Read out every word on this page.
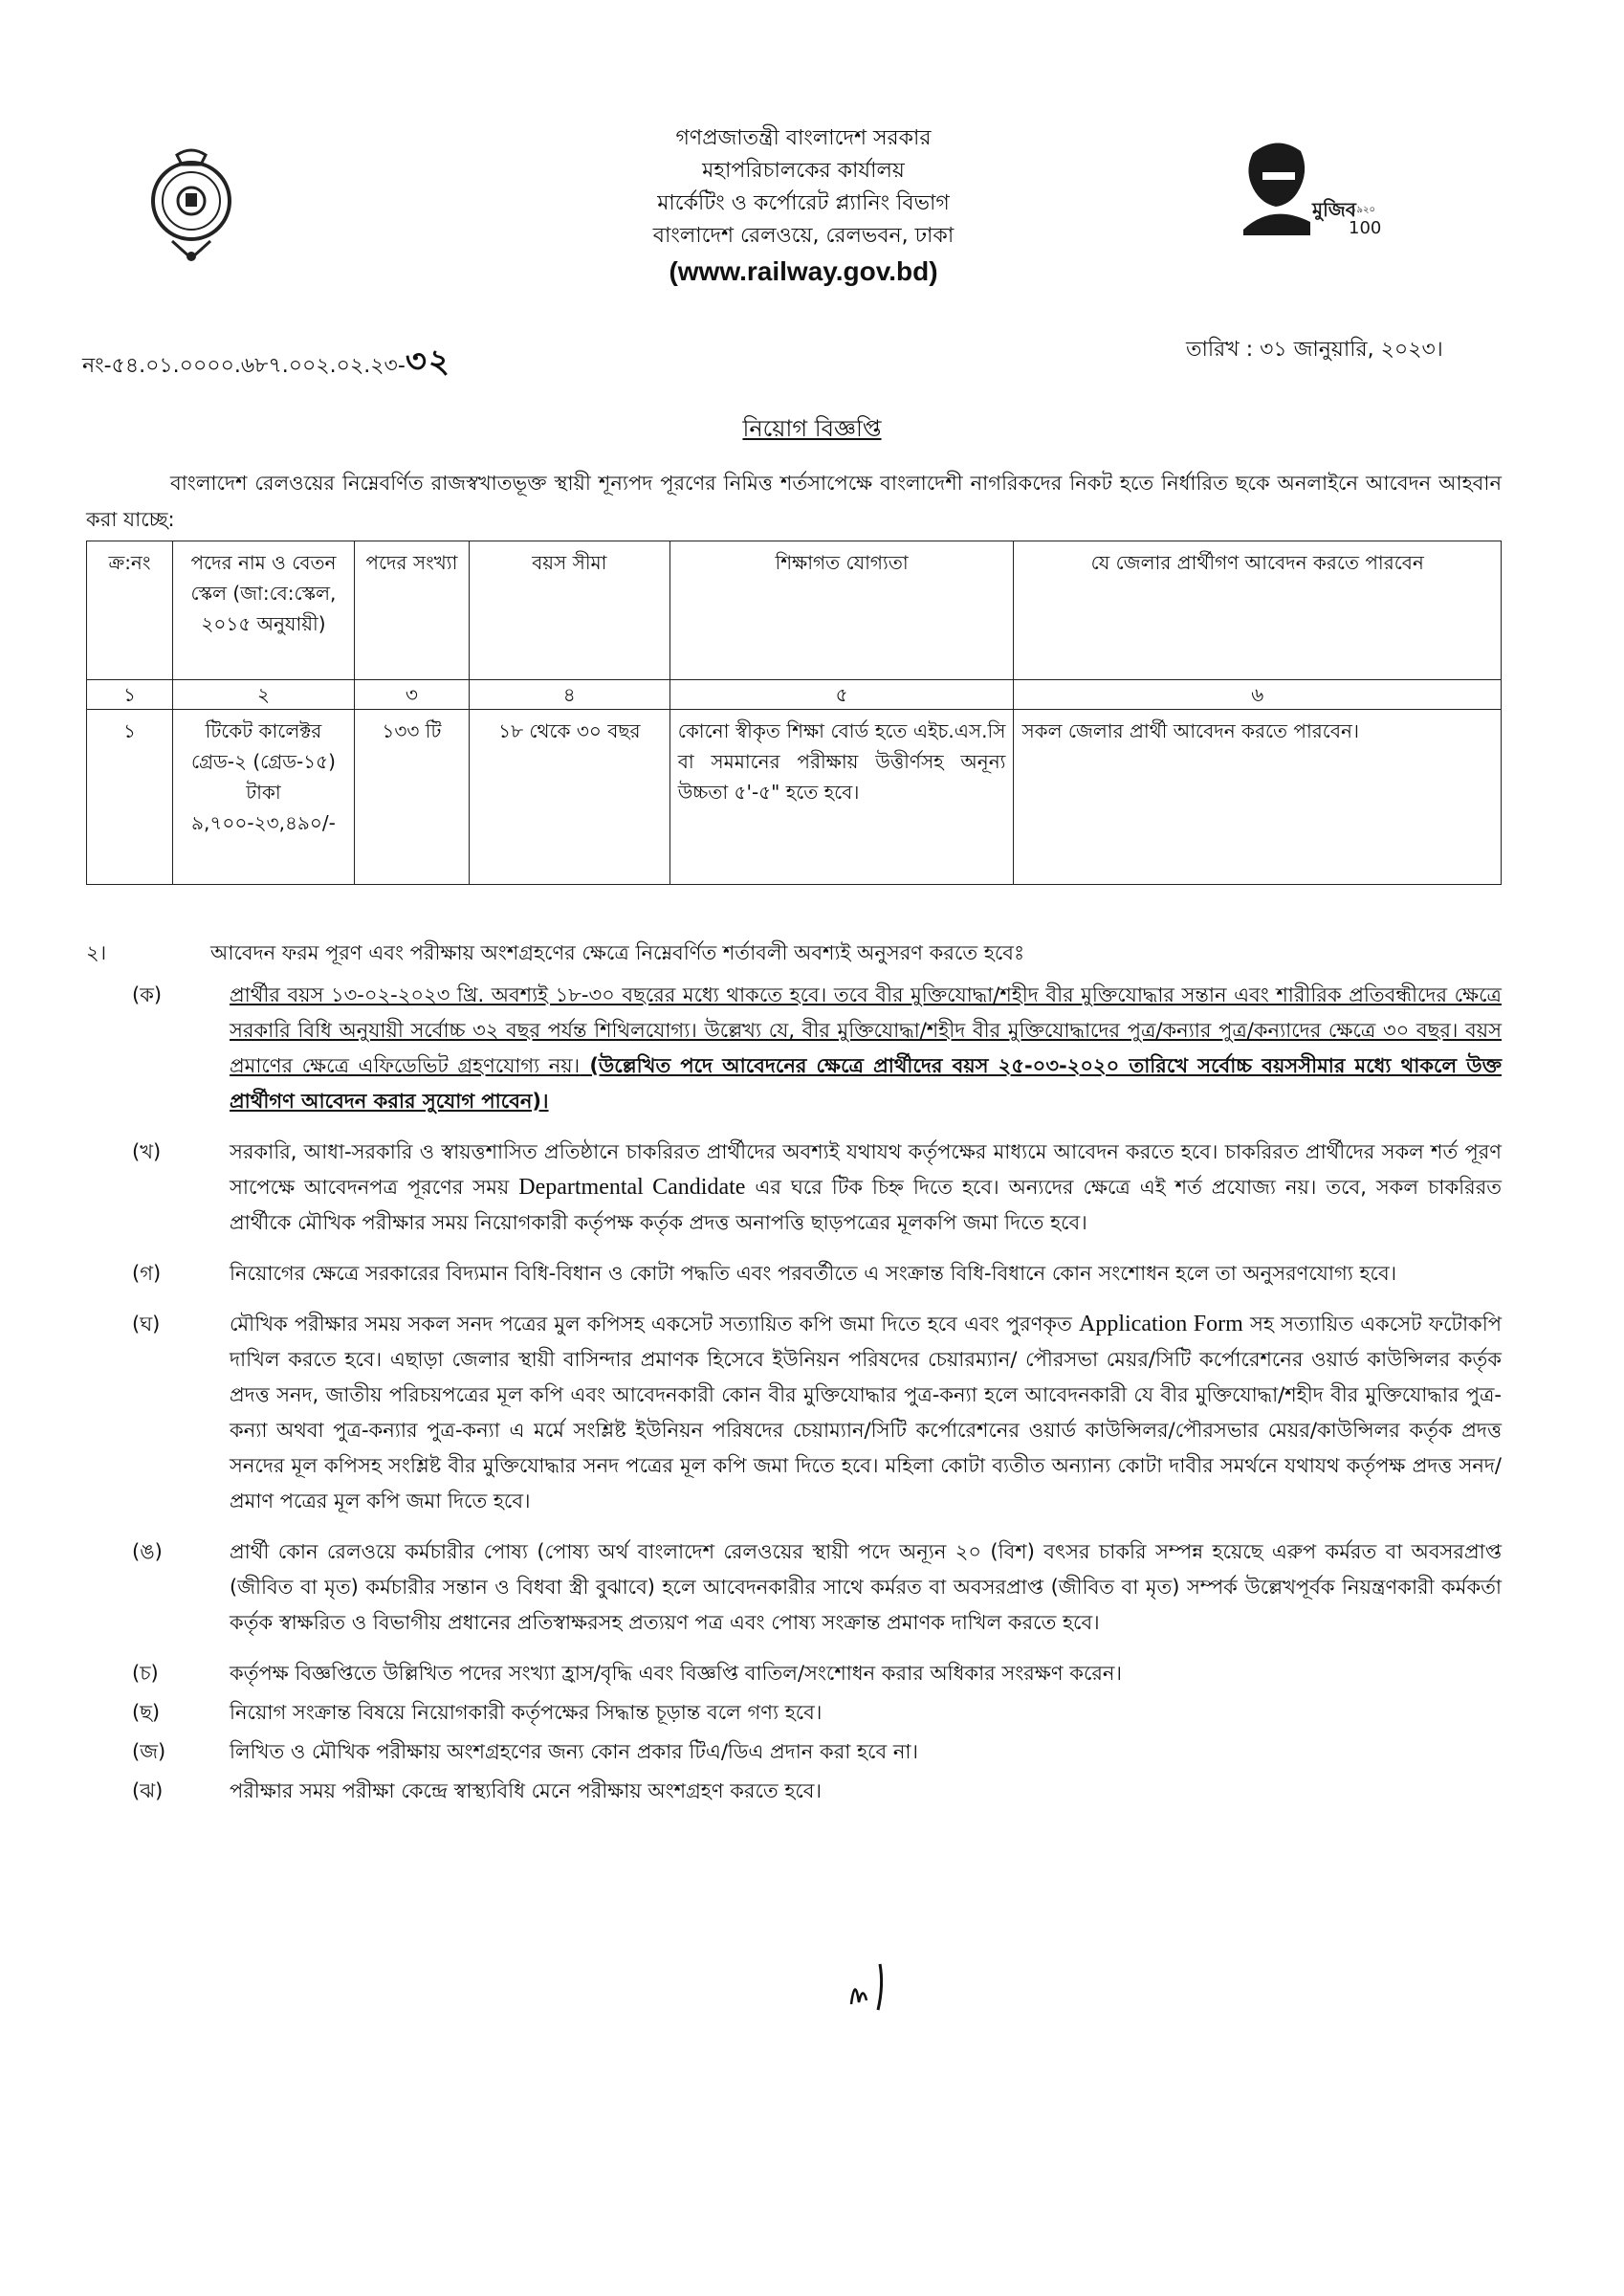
গণপ্রজাতন্ত্রী বাংলাদেশ সরকার
মহাপরিচালকের কার্যালয়
মার্কেটিং ও কর্পোরেট প্ল্যানিং বিভাগ
বাংলাদেশ রেলওয়ে, রেলভবন, ঢাকা
(www.railway.gov.bd)
মুজিব
100
১৯২০
নং-৫৪.০১.০০০০.৬৮৭.০০২.০২.২৩-৩২	তারিখ : ৩১ জানুয়ারি, ২০২৩।
নিয়োগ বিজ্ঞপ্তি
বাংলাদেশ রেলওয়ের নিম্নেবর্ণিত রাজস্বখাতভূক্ত স্থায়ী শূন্যপদ পূরণের নিমিত্ত শর্তসাপেক্ষে বাংলাদেশী নাগরিকদের নিকট হতে নির্ধারিত ছকে অনলাইনে আবেদন আহবান করা যাচ্ছে:
ক্র:নং	পদের নাম ও বেতন স্কেল (জা:বে:স্কেল, ২০১৫ অনুযায়ী)	পদের সংখ্যা	বয়স সীমা	শিক্ষাগত যোগ্যতা	যে জেলার প্রার্থীগণ আবেদন করতে পারবেন
১	২	৩	৪	৫	৬
১	টিকেট কালেক্টর গ্রেড-২ (গ্রেড-১৫) টাকা ৯,৭০০-২৩,৪৯০/-	১৩৩ টি	১৮ থেকে ৩০ বছর	কোনো স্বীকৃত শিক্ষা বোর্ড হতে এইচ.এস.সি বা সমমানের পরীক্ষায় উত্তীর্ণসহ অনূন্য উচ্চতা ৫'-৫" হতে হবে।	সকল জেলার প্রার্থী আবেদন করতে পারবেন।
২।	আবেদন ফরম পূরণ এবং পরীক্ষায় অংশগ্রহণের ক্ষেত্রে নিম্নেবর্ণিত শর্তাবলী অবশ্যই অনুসরণ করতে হবেঃ
(ক)	প্রার্থীর বয়স ১৩-০২-২০২৩ খ্রি. অবশ্যই ১৮-৩০ বছরের মধ্যে থাকতে হবে। তবে বীর মুক্তিযোদ্ধা/শহীদ বীর মুক্তিযোদ্ধার সন্তান এবং শারীরিক প্রতিবন্ধীদের ক্ষেত্রে সরকারি বিধি অনুযায়ী সর্বোচ্চ ৩২ বছর পর্যন্ত শিথিলযোগ্য। উল্লেখ্য যে, বীর মুক্তিযোদ্ধা/শহীদ বীর মুক্তিযোদ্ধাদের পুত্র/কন্যার পুত্র/কন্যাদের ক্ষেত্রে ৩০ বছর। বয়স প্রমাণের ক্ষেত্রে এফিডেভিট গ্রহণযোগ্য নয়। (উল্লেখিত পদে আবেদনের ক্ষেত্রে প্রার্থীদের বয়স ২৫-০৩-২০২০ তারিখে সর্বোচ্চ বয়সসীমার মধ্যে থাকলে উক্ত প্রার্থীগণ আবেদন করার সুযোগ পাবেন)।
(খ)	সরকারি, আধা-সরকারি ও স্বায়ত্তশাসিত প্রতিষ্ঠানে চাকরিরত প্রার্থীদের অবশ্যই যথাযথ কর্তৃপক্ষের মাধ্যমে আবেদন করতে হবে। চাকরিরত প্রার্থীদের সকল শর্ত পূরণ সাপেক্ষে আবেদনপত্র পূরণের সময় Departmental Candidate এর ঘরে টিক চিহ্ন দিতে হবে। অন্যদের ক্ষেত্রে এই শর্ত প্রযোজ্য নয়। তবে, সকল চাকরিরত প্রার্থীকে মৌখিক পরীক্ষার সময় নিয়োগকারী কর্তৃপক্ষ কর্তৃক প্রদত্ত অনাপত্তি ছাড়পত্রের মূলকপি জমা দিতে হবে।
(গ)	নিয়োগের ক্ষেত্রে সরকারের বিদ্যমান বিধি-বিধান ও কোটা পদ্ধতি এবং পরবর্তীতে এ সংক্রান্ত বিধি-বিধানে কোন সংশোধন হলে তা অনুসরণযোগ্য হবে।
(ঘ)	মৌখিক পরীক্ষার সময় সকল সনদ পত্রের মুল কপিসহ একসেট সত্যায়িত কপি জমা দিতে হবে এবং পুরণকৃত Application Form সহ সত্যায়িত একসেট ফটোকপি দাখিল করতে হবে। এছাড়া জেলার স্থায়ী বাসিন্দার প্রমাণক হিসেবে ইউনিয়ন পরিষদের চেয়ারম্যান/ পৌরসভা মেয়র/সিটি কর্পোরেশনের ওয়ার্ড কাউন্সিলর কর্তৃক প্রদত্ত সনদ, জাতীয় পরিচয়পত্রের মূল কপি এবং আবেদনকারী কোন বীর মুক্তিযোদ্ধার পুত্র-কন্যা হলে আবেদনকারী যে বীর মুক্তিযোদ্ধা/শহীদ বীর মুক্তিযোদ্ধার পুত্র-কন্যা অথবা পুত্র-কন্যার পুত্র-কন্যা এ মর্মে সংশ্লিষ্ট ইউনিয়ন পরিষদের চেয়াম্যান/সিটি কর্পোরেশনের ওয়ার্ড কাউন্সিলর/পৌরসভার মেয়র/কাউন্সিলর কর্তৃক প্রদত্ত সনদের মূল কপিসহ সংশ্লিষ্ট বীর মুক্তিযোদ্ধার সনদ পত্রের মূল কপি জমা দিতে হবে। মহিলা কোটা ব্যতীত অন্যান্য কোটা দাবীর সমর্থনে যথাযথ কর্তৃপক্ষ প্রদত্ত সনদ/প্রমাণ পত্রের মূল কপি জমা দিতে হবে।
(ঙ)	প্রার্থী কোন রেলওয়ে কর্মচারীর পোষ্য (পোষ্য অর্থ বাংলাদেশ রেলওয়ের স্থায়ী পদে অন্যূন ২০ (বিশ) বৎসর চাকরি সম্পন্ন হয়েছে এরুপ কর্মরত বা অবসরপ্রাপ্ত (জীবিত বা মৃত) কর্মচারীর সন্তান ও বিধবা স্ত্রী বুঝাবে) হলে আবেদনকারীর সাথে কর্মরত বা অবসরপ্রাপ্ত (জীবিত বা মৃত) সম্পর্ক উল্লেখপূর্বক নিয়ন্ত্রণকারী কর্মকর্তা কর্তৃক স্বাক্ষরিত ও বিভাগীয় প্রধানের প্রতিস্বাক্ষরসহ প্রত্যয়ণ পত্র এবং পোষ্য সংক্রান্ত প্রমাণক দাখিল করতে হবে।
(চ)	কর্তৃপক্ষ বিজ্ঞপ্তিতে উল্লিখিত পদের সংখ্যা হ্রাস/বৃদ্ধি এবং বিজ্ঞপ্তি বাতিল/সংশোধন করার অধিকার সংরক্ষণ করেন।
(ছ)	নিয়োগ সংক্রান্ত বিষয়ে নিয়োগকারী কর্তৃপক্ষের সিদ্ধান্ত চূড়ান্ত বলে গণ্য হবে।
(জ)	লিখিত ও মৌখিক পরীক্ষায় অংশগ্রহণের জন্য কোন প্রকার টিএ/ডিএ প্রদান করা হবে না।
(ঝ)	পরীক্ষার সময় পরীক্ষা কেন্দ্রে স্বাস্থ্যবিধি মেনে পরীক্ষায় অংশগ্রহণ করতে হবে।
